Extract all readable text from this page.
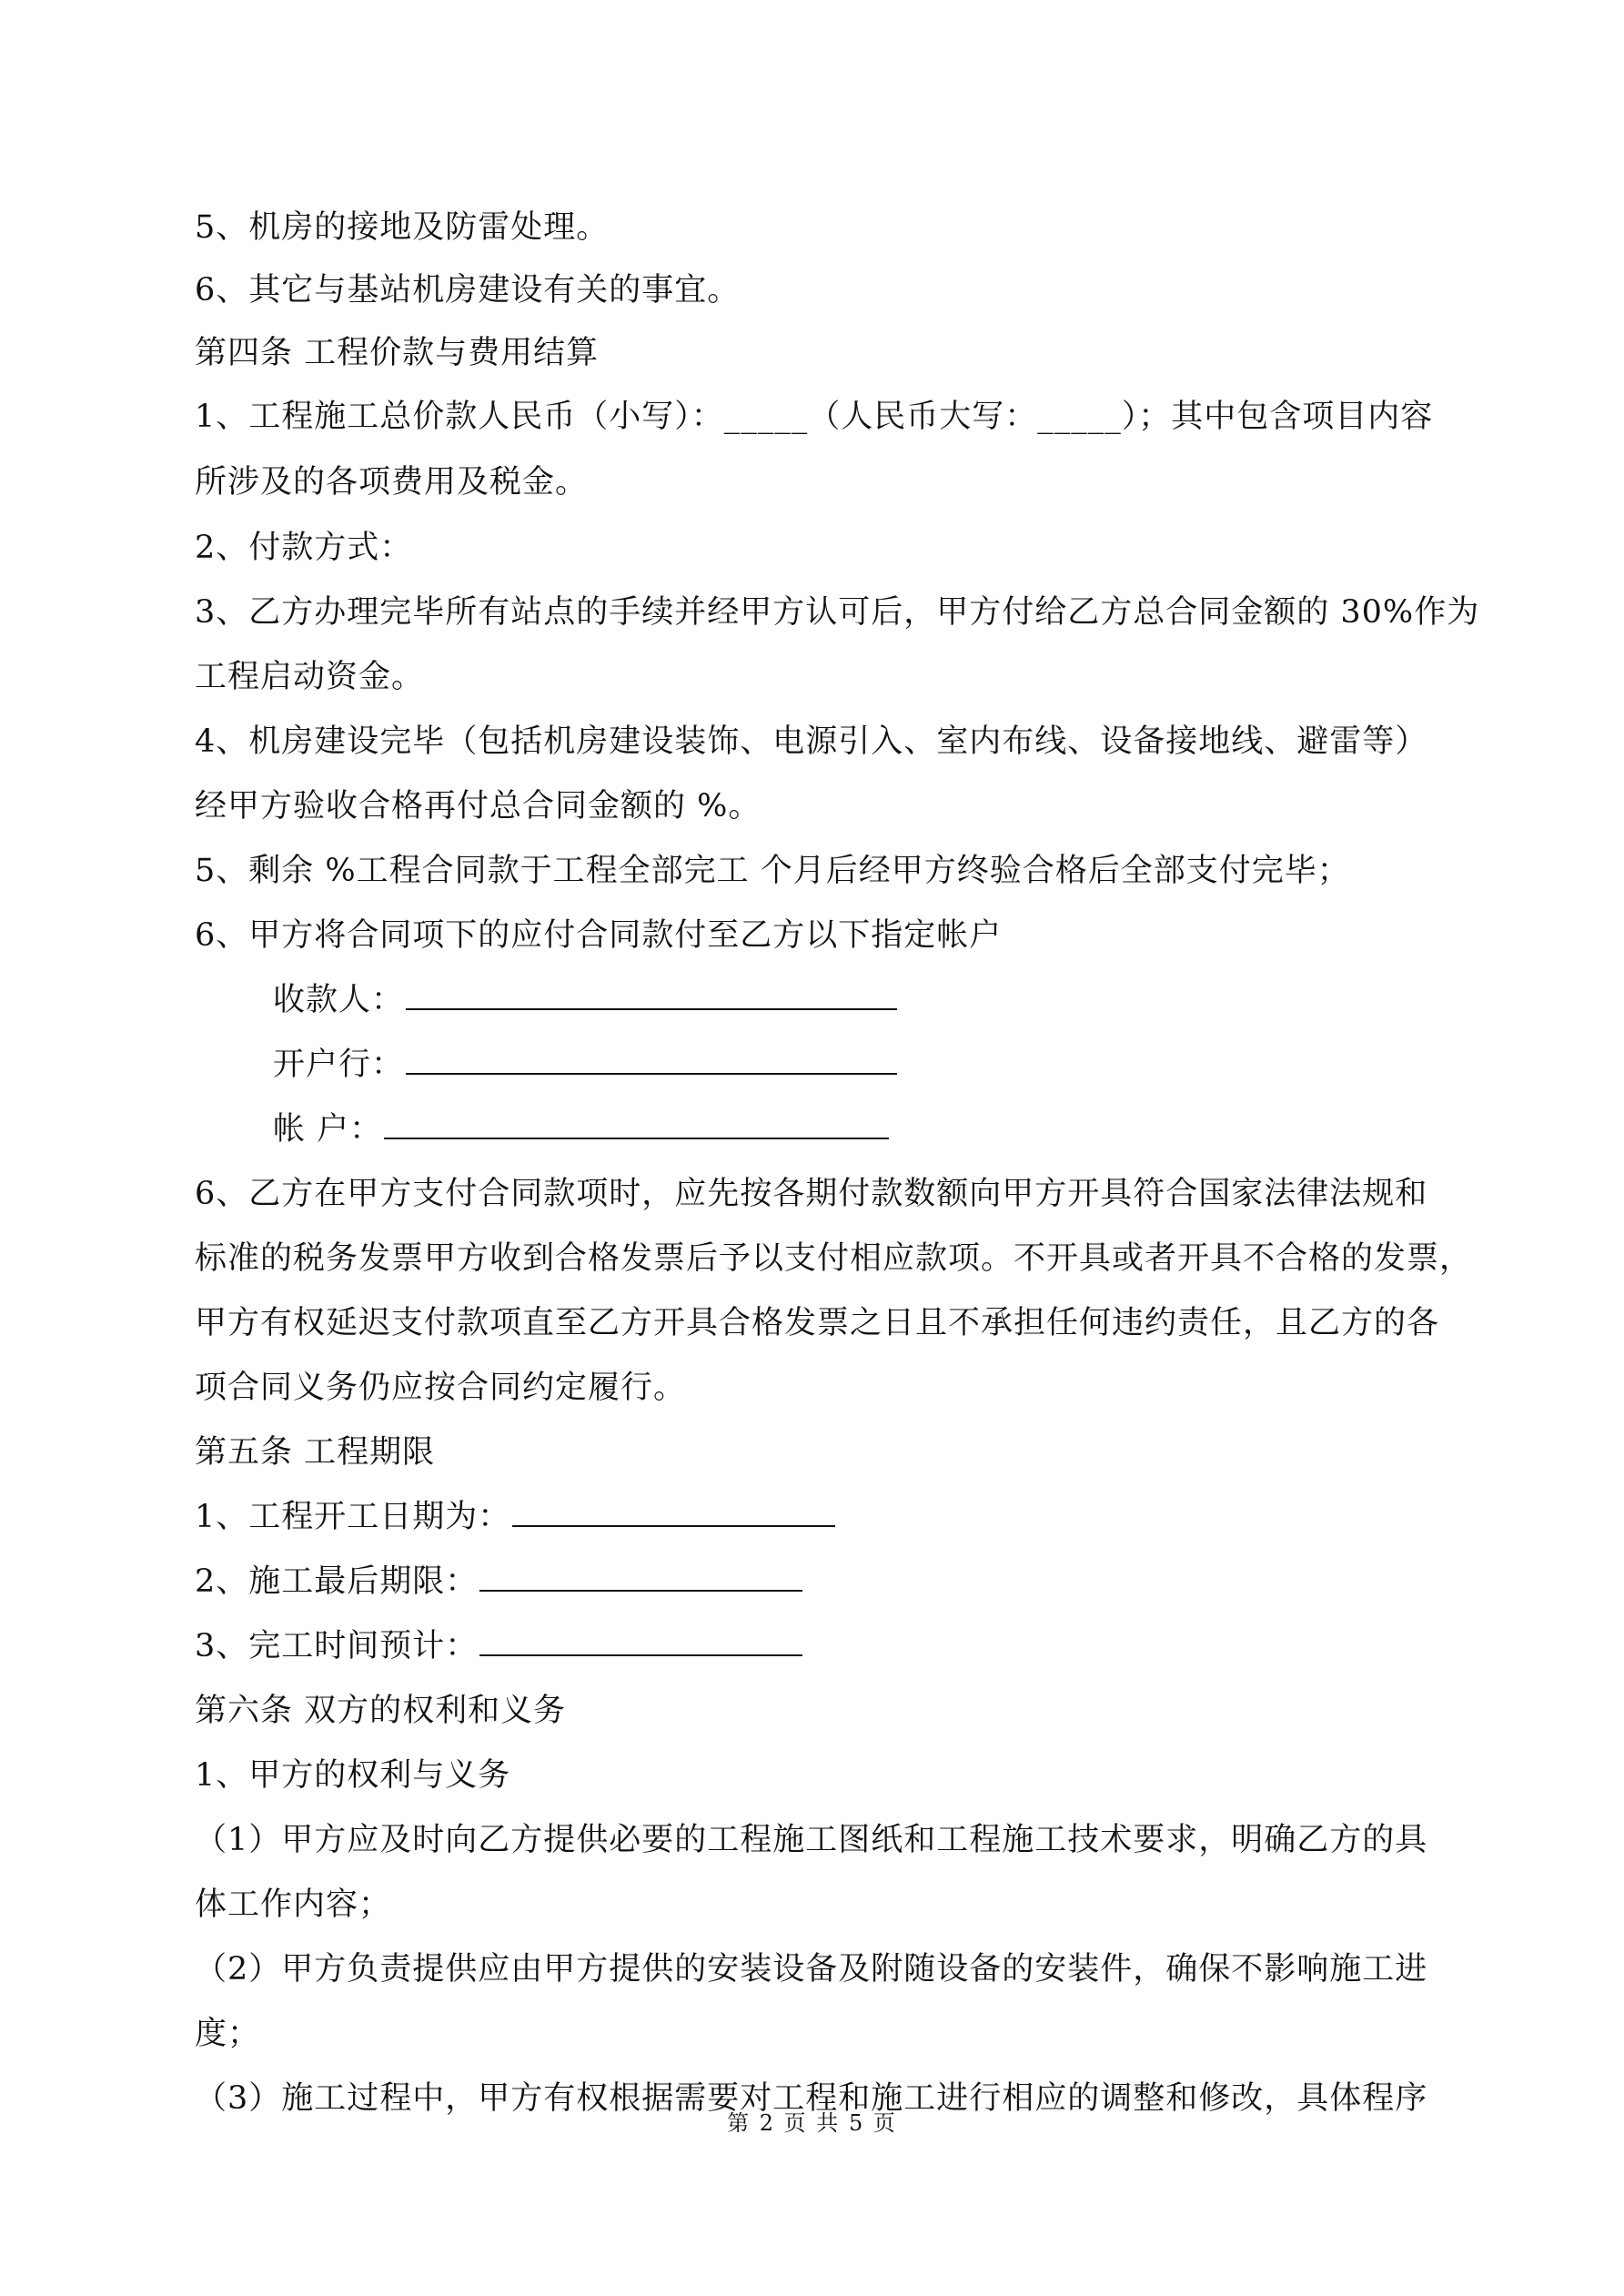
5、机房的接地及防雷处理。
6、其它与基站机房建设有关的事宜。
第四条 工程价款与费用结算
1、工程施工总价款人民币（小写）：_____（人民币大写：_____）；其中包含项目内容
所涉及的各项费用及税金。
2、付款方式：
3、乙方办理完毕所有站点的手续并经甲方认可后，甲方付给乙方总合同金额的 30%作为
工程启动资金。
4、机房建设完毕（包括机房建设装饰、电源引入、室内布线、设备接地线、避雷等）
经甲方验收合格再付总合同金额的 %。
5、剩余 %工程合同款于工程全部完工 个月后经甲方终验合格后全部支付完毕；
6、甲方将合同项下的应付合同款付至乙方以下指定帐户
收款人：
开户行：
帐 户：
6、乙方在甲方支付合同款项时，应先按各期付款数额向甲方开具符合国家法律法规和
标准的税务发票甲方收到合格发票后予以支付相应款项。不开具或者开具不合格的发票，
甲方有权延迟支付款项直至乙方开具合格发票之日且不承担任何违约责任，且乙方的各
项合同义务仍应按合同约定履行。
第五条 工程期限
1、工程开工日期为：
2、施工最后期限：
3、完工时间预计：
第六条 双方的权利和义务
1、甲方的权利与义务
（1）甲方应及时向乙方提供必要的工程施工图纸和工程施工技术要求，明确乙方的具
体工作内容；
（2）甲方负责提供应由甲方提供的安装设备及附随设备的安装件，确保不影响施工进
度；
（3）施工过程中，甲方有权根据需要对工程和施工进行相应的调整和修改，具体程序
第 2 页 共 5 页
